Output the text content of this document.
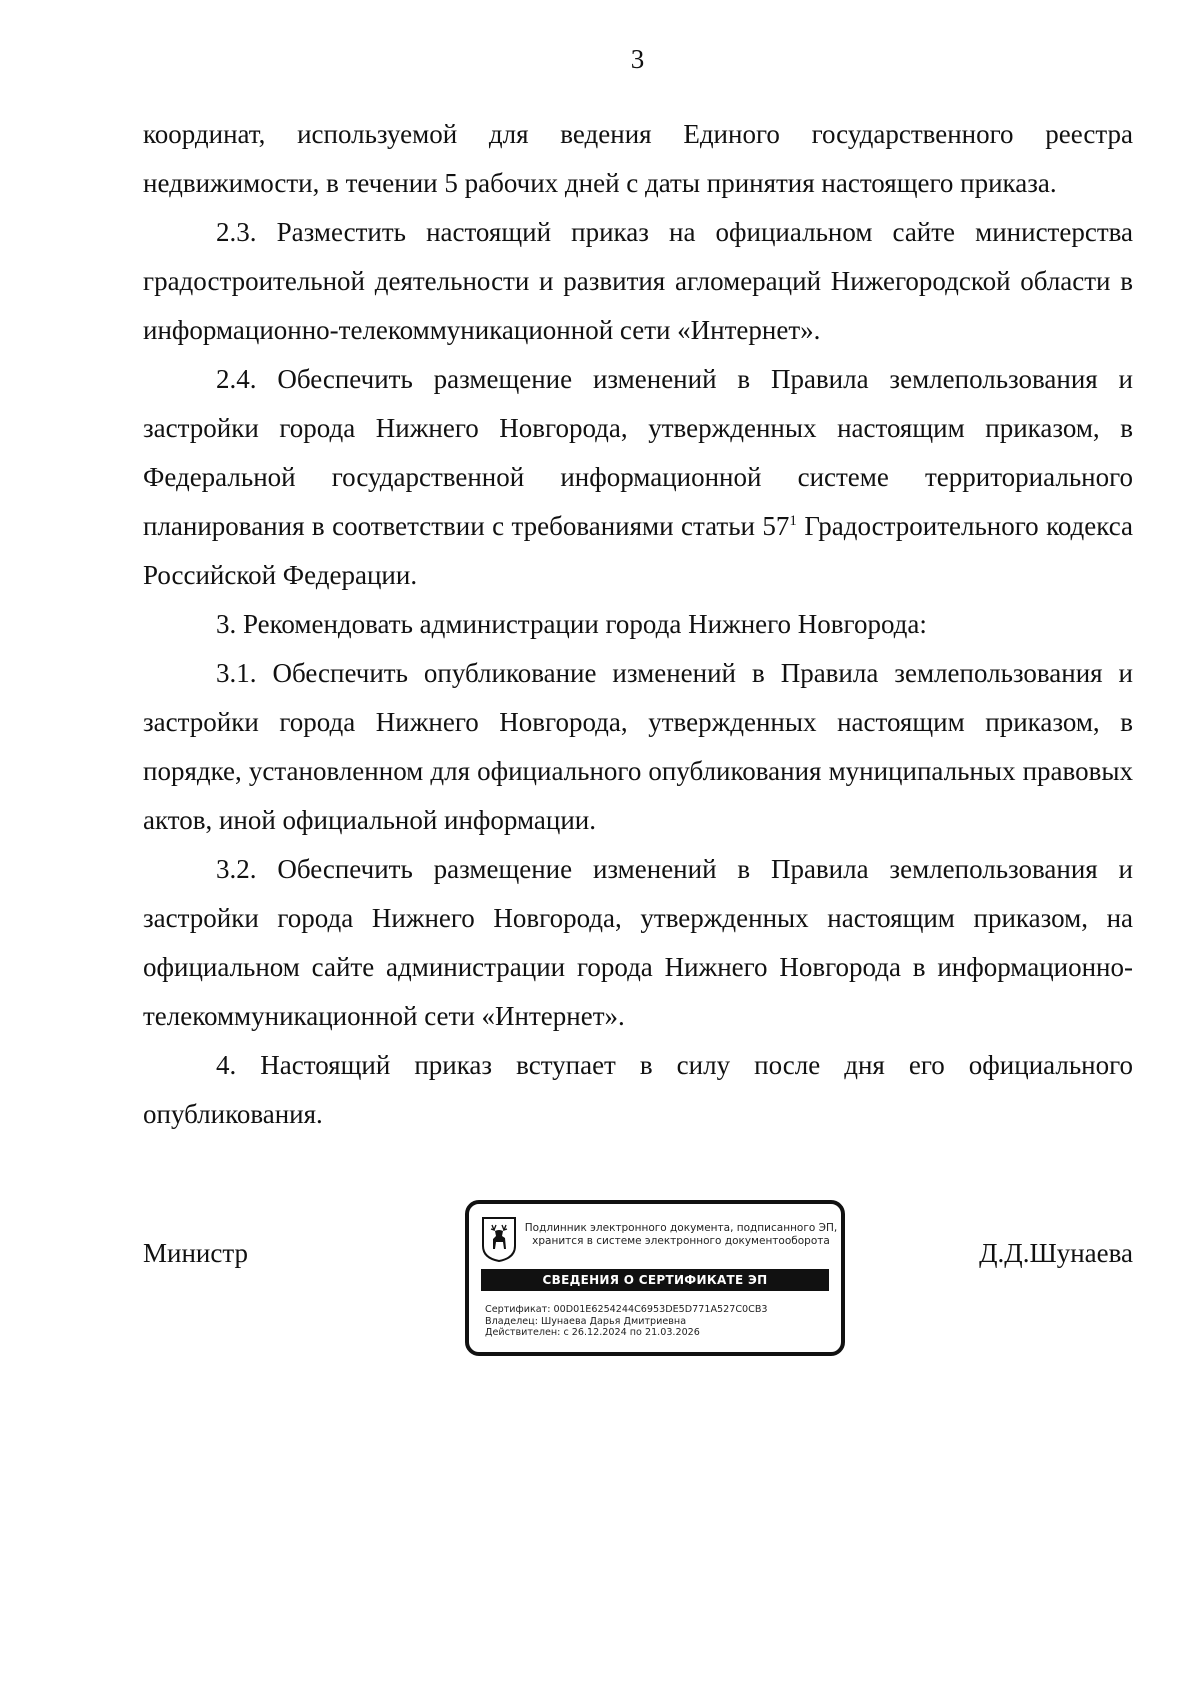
3

координат, используемой для ведения Единого государственного реестра недвижимости, в течении 5 рабочих дней с даты принятия настоящего приказа.

2.3. Разместить настоящий приказ на официальном сайте министерства градостроительной деятельности и развития агломераций Нижегородской области в информационно-телекоммуникационной сети «Интернет».

2.4. Обеспечить размещение изменений в Правила землепользования и застройки города Нижнего Новгорода, утвержденных настоящим приказом, в Федеральной государственной информационной системе территориального планирования в соответствии с требованиями статьи $57^1$ Градостроительного кодекса Российской Федерации.

3. Рекомендовать администрации города Нижнего Новгорода:

3.1. Обеспечить опубликование изменений в Правила землепользования и застройки города Нижнего Новгорода, утвержденных настоящим приказом, в порядке, установленном для официального опубликования муниципальных правовых актов, иной официальной информации.

3.2. Обеспечить размещение изменений в Правила землепользования и застройки города Нижнего Новгорода, утвержденных настоящим приказом, на официальном сайте администрации города Нижнего Новгорода в информационно-телекоммуникационной сети «Интернет».

4. Настоящий приказ вступает в силу после дня его официального опубликования.

Министр
Подлинник электронного документа, подписанного ЭП,
хранится в системе электронного документооборота
СВЕДЕНИЯ О СЕРТИФИКАТЕ ЭП
Сертификат: 00D01E6254244C6953DE5D771A527C0CB3
Владелец: Шунаева Дарья Дмитриевна
Действителен: с 26.12.2024 по 21.03.2026
Д.Д.Шунаева
